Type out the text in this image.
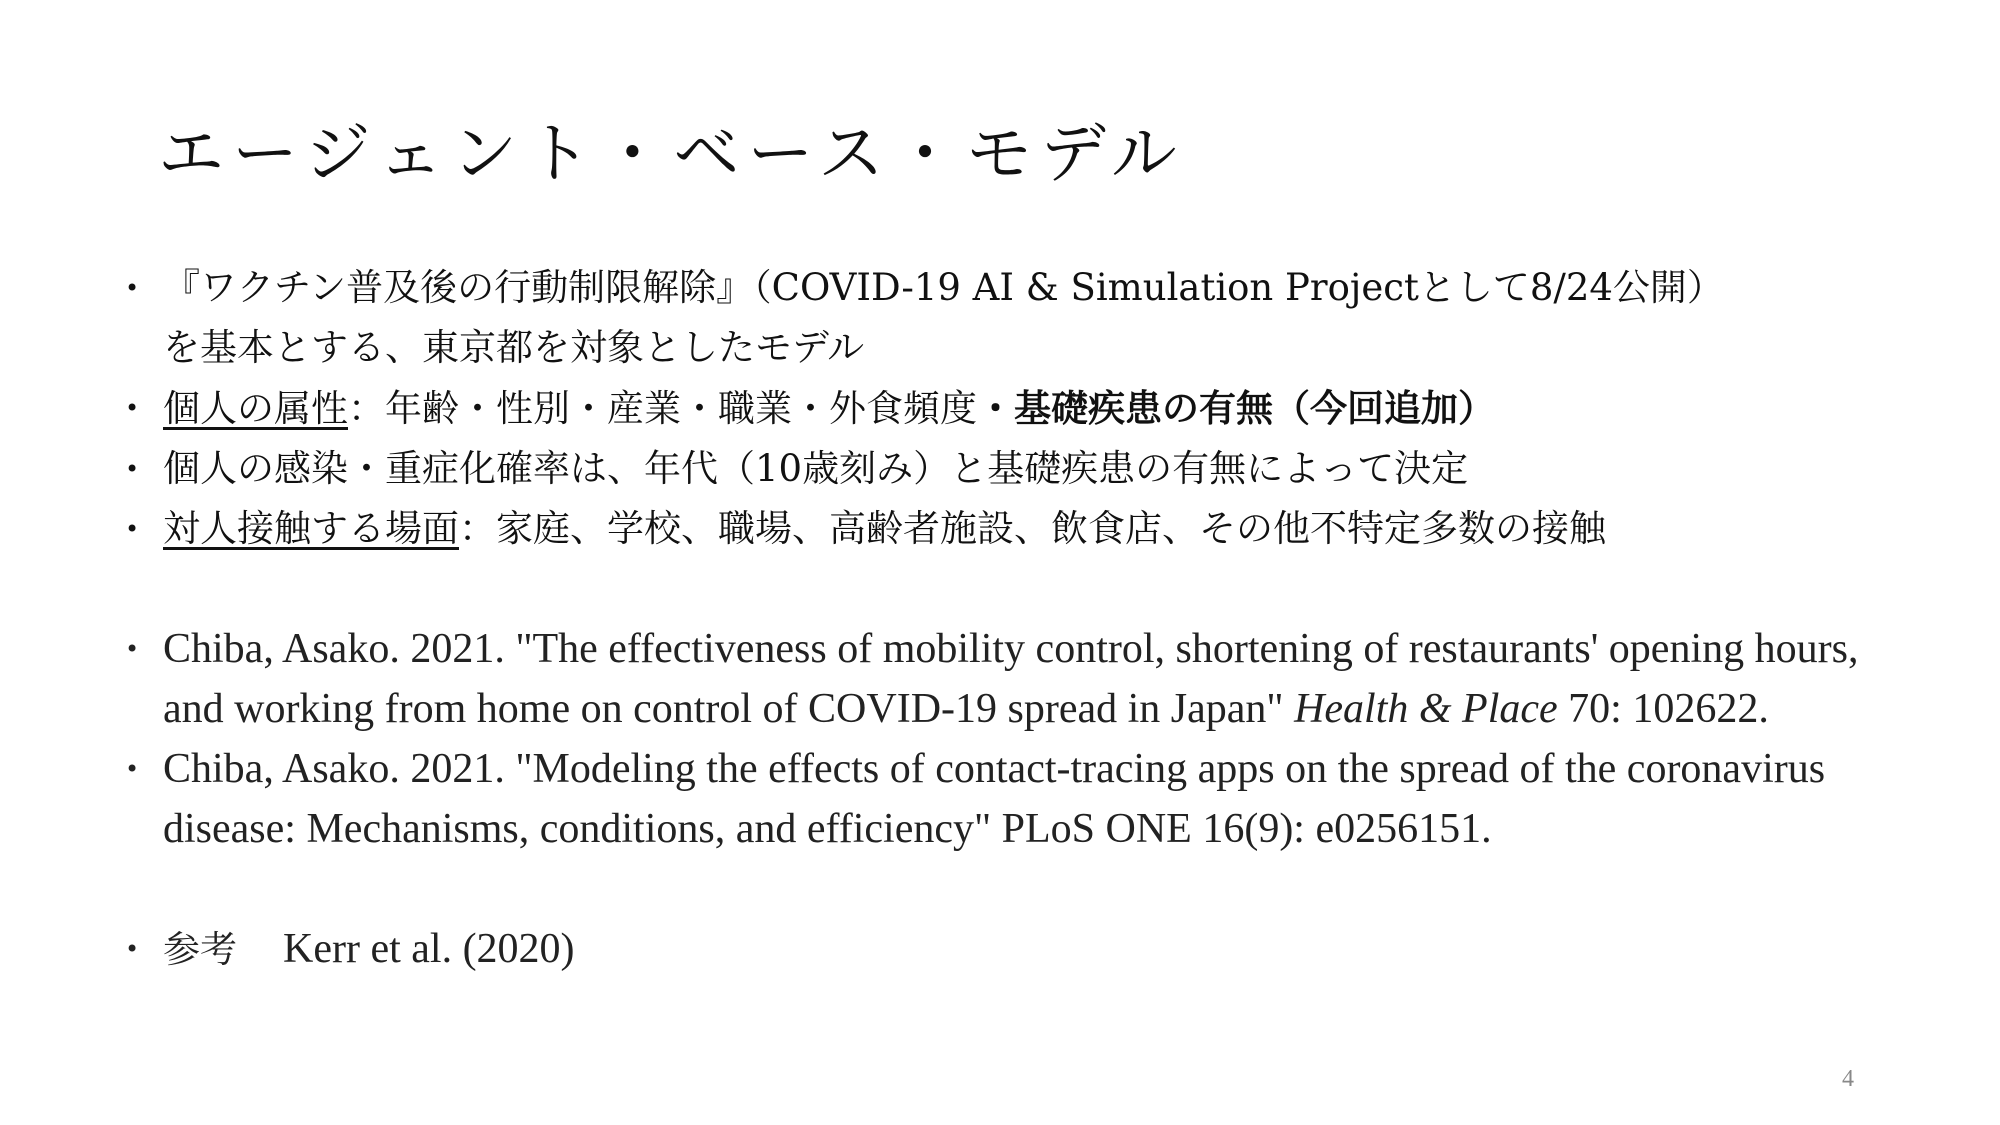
エージェント・ベース・モデル
• 『ワクチン普及後の行動制限解除』（COVID-19 AI & Simulation Projectとして8/24公開）
を基本とする、東京都を対象としたモデル
• 個人の属性：年齢・性別・産業・職業・外食頻度・基礎疾患の有無（今回追加）
• 個人の感染・重症化確率は、年代（10歳刻み）と基礎疾患の有無によって決定
• 対人接触する場面：家庭、学校、職場、高齢者施設、飲食店、その他不特定多数の接触
• Chiba, Asako. 2021. "The effectiveness of mobility control, shortening of restaurants' opening hours, and working from home on control of COVID-19 spread in Japan" Health & Place 70: 102622.
• Chiba, Asako. 2021. "Modeling the effects of contact-tracing apps on the spread of the coronavirus disease: Mechanisms, conditions, and efficiency" PLoS ONE 16(9): e0256151.
• 参考 Kerr et al. (2020)
4
